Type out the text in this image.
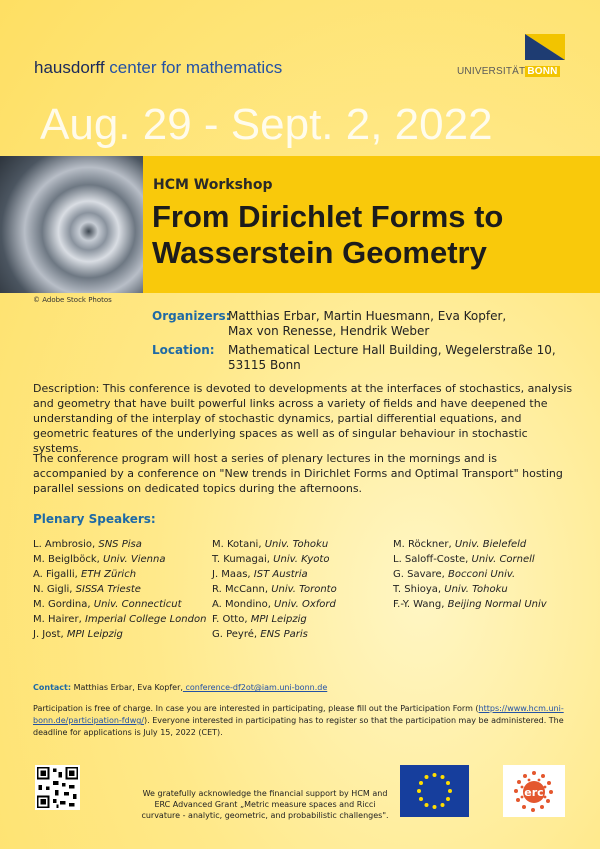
hausdorff center for mathematics	UNIVERSITÄT BONN
Aug. 29 - Sept. 2, 2022
HCM Workshop
From Dirichlet Forms to
Wasserstein Geometry
© Adobe Stock Photos
Organizers:
Matthias Erbar, Martin Huesmann, Eva Kopfer,
Max von Renesse, Hendrik Weber
Location: Mathematical Lecture Hall Building, Wegelerstraße 10,
53115 Bonn
Description: This conference is devoted to developments at the interfaces of stochastics, analysis and geometry that have built powerful links across a variety of fields and have deepened the understanding of the interplay of stochastic dynamics, partial differential equations, and geometric features of the underlying spaces as well as of singular behaviour in stochastic systems.
The conference program will host a series of plenary lectures in the mornings and is accompanied by a conference on "New trends in Dirichlet Forms and Optimal Transport" hosting parallel sessions on dedicated topics during the afternoons.
Plenary Speakers:
L. Ambrosio, SNS Pisa
M. Beiglböck, Univ. Vienna
A. Figalli, ETH Zürich
N. Gigli, SISSA Trieste
M. Gordina, Univ. Connecticut
M. Hairer, Imperial College London
J. Jost, MPI Leipzig
M. Kotani, Univ. Tohoku
T. Kumagai, Univ. Kyoto
J. Maas, IST Austria
R. McCann, Univ. Toronto
A. Mondino, Univ. Oxford
F. Otto, MPI Leipzig
G. Peyré, ENS Paris
M. Röckner, Univ. Bielefeld
L. Saloff-Coste, Univ. Cornell
G. Savare, Bocconi Univ.
T. Shioya, Univ. Tohoku
F.-Y. Wang, Beijing Normal Univ
Contact: Matthias Erbar, Eva Kopfer, conference-df2ot@iam.uni-bonn.de
Participation is free of charge. In case you are interested in participating, please fill out the Participation Form (https://www.hcm.uni-bonn.de/participation-fdwg/). Everyone interested in participating has to register so that the participation may be administered. The deadline for applications is July 15, 2022 (CET).
We gratefully acknowledge the financial support by HCM and ERC Advanced Grant „Metric measure spaces and Ricci curvature - analytic, geometric, and probabilistic challenges".
erc
